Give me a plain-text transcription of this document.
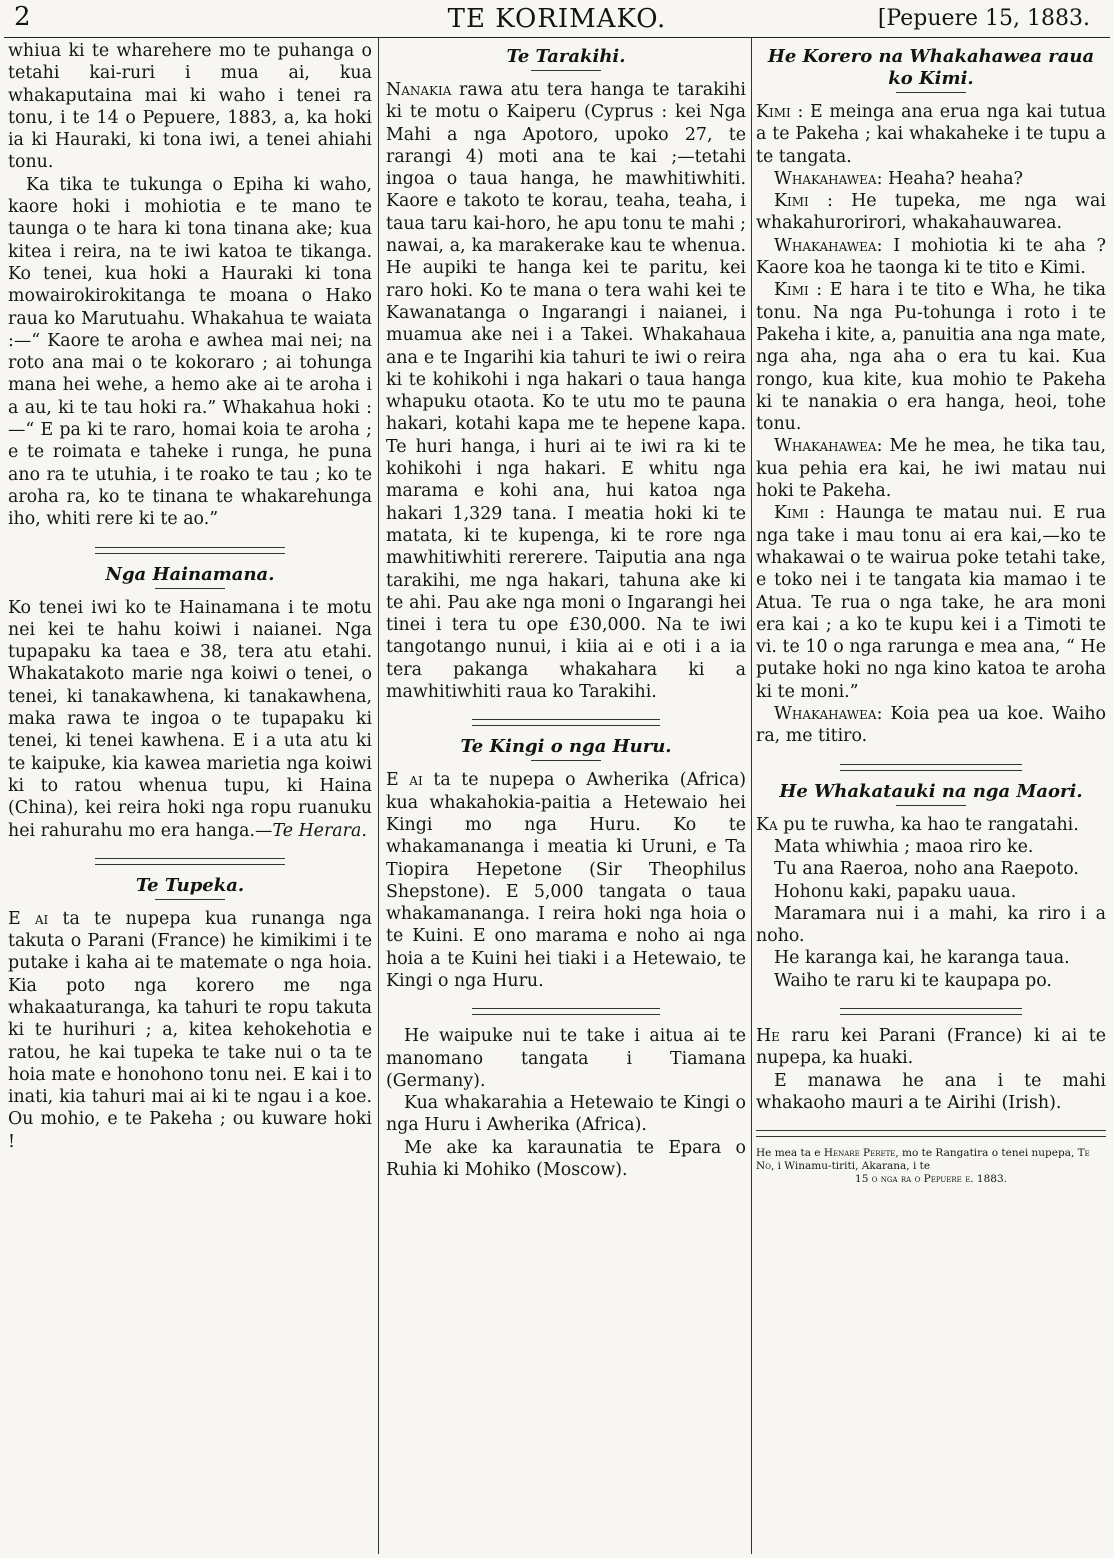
2	TE KORIMAKO.	[Pepuere 15, 1883.

whiua ki te wharehere mo te puhanga o tetahi kai-ruri i mua ai, kua whakaputaina mai ki waho i tenei ra tonu, i te 14 o Pepuere, 1883, a, ka hoki ia ki Hauraki, ki tona iwi, a tenei ahiahi tonu.

Ka tika te tukunga o Epiha ki waho, kaore hoki i mohiotia e te mano te taunga o te hara ki tona tinana ake; kua kitea i reira, na te iwi katoa te tikanga. Ko tenei, kua hoki a Hauraki ki tona mowairokirokitanga te moana o Hako raua ko Marutuahu. Whakahua te waiata :—“ Kaore te aroha e awhea mai nei; na roto ana mai o te kokoraro ; ai tohunga mana hei wehe, a hemo ake ai te aroha i a au, ki te tau hoki ra.” Whakahua hoki :—“ E pa ki te raro, homai koia te aroha ; e te roimata e taheke i runga, he puna ano ra te utuhia, i te roako te tau ; ko te aroha ra, ko te tinana te whakarehunga iho, whiti rere ki te ao.”

Nga Hainamana.

Ko tenei iwi ko te Hainamana i te motu nei kei te hahu koiwi i naianei. Nga tupapaku ka taea e 38, tera atu etahi. Whakatakoto marie nga koiwi o tenei, o tenei, ki tanakawhena, ki tanakawhena, maka rawa te ingoa o te tupapaku ki tenei, ki tenei kawhena. E i a uta atu ki te kaipuke, kia kawea marietia nga koiwi ki to ratou whenua tupu, ki Haina (China), kei reira hoki nga ropu ruanuku hei rahurahu mo era hanga.—Te Herara.

Te Tupeka.

E ai ta te nupepa kua runanga nga takuta o Parani (France) he kimikimi i te putake i kaha ai te matemate o nga hoia. Kia poto nga korero me nga whakaaturanga, ka tahuri te ropu takuta ki te hurihuri ; a, kitea kehokehotia e ratou, he kai tupeka te take nui o ta te hoia mate e honohono tonu nei. E kai i to inati, kia tahuri mai ai ki te ngau i a koe. Ou mohio, e te Pakeha ; ou kuware hoki !

Te Tarakihi.

Nanakia rawa atu tera hanga te tarakihi ki te motu o Kaiperu (Cyprus : kei Nga Mahi a nga Apotoro, upoko 27, te rarangi 4) moti ana te kai ;—tetahi ingoa o taua hanga, he mawhitiwhiti. Kaore e takoto te korau, teaha, teaha, i taua taru kai-horo, he apu tonu te mahi ; nawai, a, ka marakerake kau te whenua. He aupiki te hanga kei te paritu, kei raro hoki. Ko te mana o tera wahi kei te Kawanatanga o Ingarangi i naianei, i muamua ake nei i a Takei. Whakahaua ana e te Ingarihi kia tahuri te iwi o reira ki te kohikohi i nga hakari o taua hanga whapuku otaota. Ko te utu mo te pauna hakari, kotahi kapa me te hepene kapa. Te huri hanga, i huri ai te iwi ra ki te kohikohi i nga hakari. E whitu nga marama e kohi ana, hui katoa nga hakari 1,329 tana. I meatia hoki ki te matata, ki te kupenga, ki te rore nga mawhitiwhiti rererere. Taiputia ana nga tarakihi, me nga hakari, tahuna ake ki te ahi. Pau ake nga moni o Ingarangi hei tinei i tera tu ope £30,000. Na te iwi tangotango nunui, i kiia ai e oti i a ia tera pakanga whakahara ki a mawhitiwhiti raua ko Tarakihi.

Te Kingi o nga Huru.

E ai ta te nupepa o Awherika (Africa) kua whakahokia-paitia a Hetewaio hei Kingi mo nga Huru. Ko te whakamananga i meatia ki Uruni, e Ta Tiopira Hepetone (Sir Theophilus Shepstone). E 5,000 tangata o taua whakamananga. I reira hoki nga hoia o te Kuini. E ono marama e noho ai nga hoia a te Kuini hei tiaki i a Hetewaio, te Kingi o nga Huru.

He waipuke nui te take i aitua ai te manomano tangata i Tiamana (Germany).

Kua whakarahia a Hetewaio te Kingi o nga Huru i Awherika (Africa).

Me ake ka karaunatia te Epara o Ruhia ki Mohiko (Moscow).

He Korero na Whakahawea raua ko Kimi.

Kimi : E meinga ana erua nga kai tutua a te Pakeha ; kai whakaheke i te tupu a te tangata.

Whakahawea: Heaha? heaha?

Kimi : He tupeka, me nga wai whakahurorirori, whakahauwarea.

Whakahawea: I mohiotia ki te aha ? Kaore koa he taonga ki te tito e Kimi.

Kimi : E hara i te tito e Wha, he tika tonu. Na nga Pu-tohunga i roto i te Pakeha i kite, a, panuitia ana nga mate, nga aha, nga aha o era tu kai. Kua rongo, kua kite, kua mohio te Pakeha ki te nanakia o era hanga, heoi, tohe tonu.

Whakahawea: Me he mea, he tika tau, kua pehia era kai, he iwi matau nui hoki te Pakeha.

Kimi : Haunga te matau nui. E rua nga take i mau tonu ai era kai,—ko te whakawai o te wairua poke tetahi take, e toko nei i te tangata kia mamao i te Atua. Te rua o nga take, he ara moni era kai ; a ko te kupu kei i a Timoti te vi. te 10 o nga rarunga e mea ana, “ He putake hoki no nga kino katoa te aroha ki te moni.”

Whakahawea: Koia pea ua koe. Waiho ra, me titiro.

He Whakatauki na nga Maori.

Ka pu te ruwha, ka hao te rangatahi.

Mata whiwhia ; maoa riro ke.

Tu ana Raeroa, noho ana Raepoto.

Hohonu kaki, papaku uaua.

Maramara nui i a mahi, ka riro i a noho.

He karanga kai, he karanga taua.

Waiho te raru ki te kaupapa po.

He raru kei Parani (France) ki ai te nupepa, ka huaki.

E manawa he ana i te mahi whakaoho mauri a te Airihi (Irish).

He mea ta e Henare Perete, mo te Rangatira o tenei nupepa, Te No, i Winamu-tiriti, Akarana, i te
15 o nga ra o Pepuere e. 1883.
